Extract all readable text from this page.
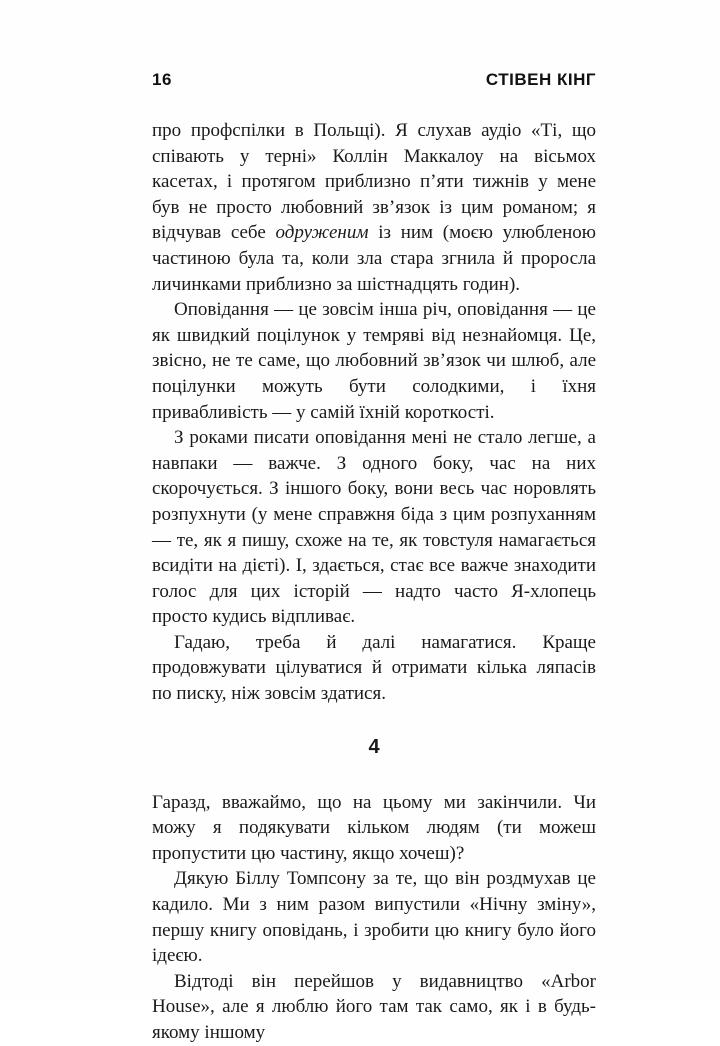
16	СТІВЕН КІНГ

про профспілки в Польщі). Я слухав аудіо «Ті, що співають у терні» Коллін Маккалоу на вісьмох касетах, і протягом приблизно п’яти тижнів у мене був не просто любовний зв’язок із цим романом; я відчував себе одруженим із ним (моєю улюбленою частиною була та, коли зла стара згнила й проросла личинками приблизно за шістнадцять годин).

Оповідання — це зовсім інша річ, оповідання — це як швидкий поцілунок у темряві від незнайомця. Це, звісно, не те саме, що любовний зв’язок чи шлюб, але поцілунки можуть бути солодкими, і їхня привабливість — у самій їхній короткості.

З роками писати оповідання мені не стало легше, а навпаки — важче. З одного боку, час на них скорочується. З іншого боку, вони весь час норовлять розпухнути (у мене справжня біда з цим розпуханням — те, як я пишу, схоже на те, як товстуля намагається всидіти на дієті). І, здається, стає все важче знаходити голос для цих історій — надто часто Я-хлопець просто кудись відпливає.

Гадаю, треба й далі намагатися. Краще продовжувати цілуватися й отримати кілька ляпасів по писку, ніж зовсім здатися.

4

Гаразд, вважаймо, що на цьому ми закінчили. Чи можу я подякувати кільком людям (ти можеш пропустити цю частину, якщо хочеш)?

Дякую Біллу Томпсону за те, що він роздмухав це кадило. Ми з ним разом випустили «Нічну зміну», першу книгу оповідань, і зробити цю книгу було його ідеєю.

Відтоді він перейшов у видавництво «Arbor House», але я люблю його там так само, як і в будь-якому іншому
